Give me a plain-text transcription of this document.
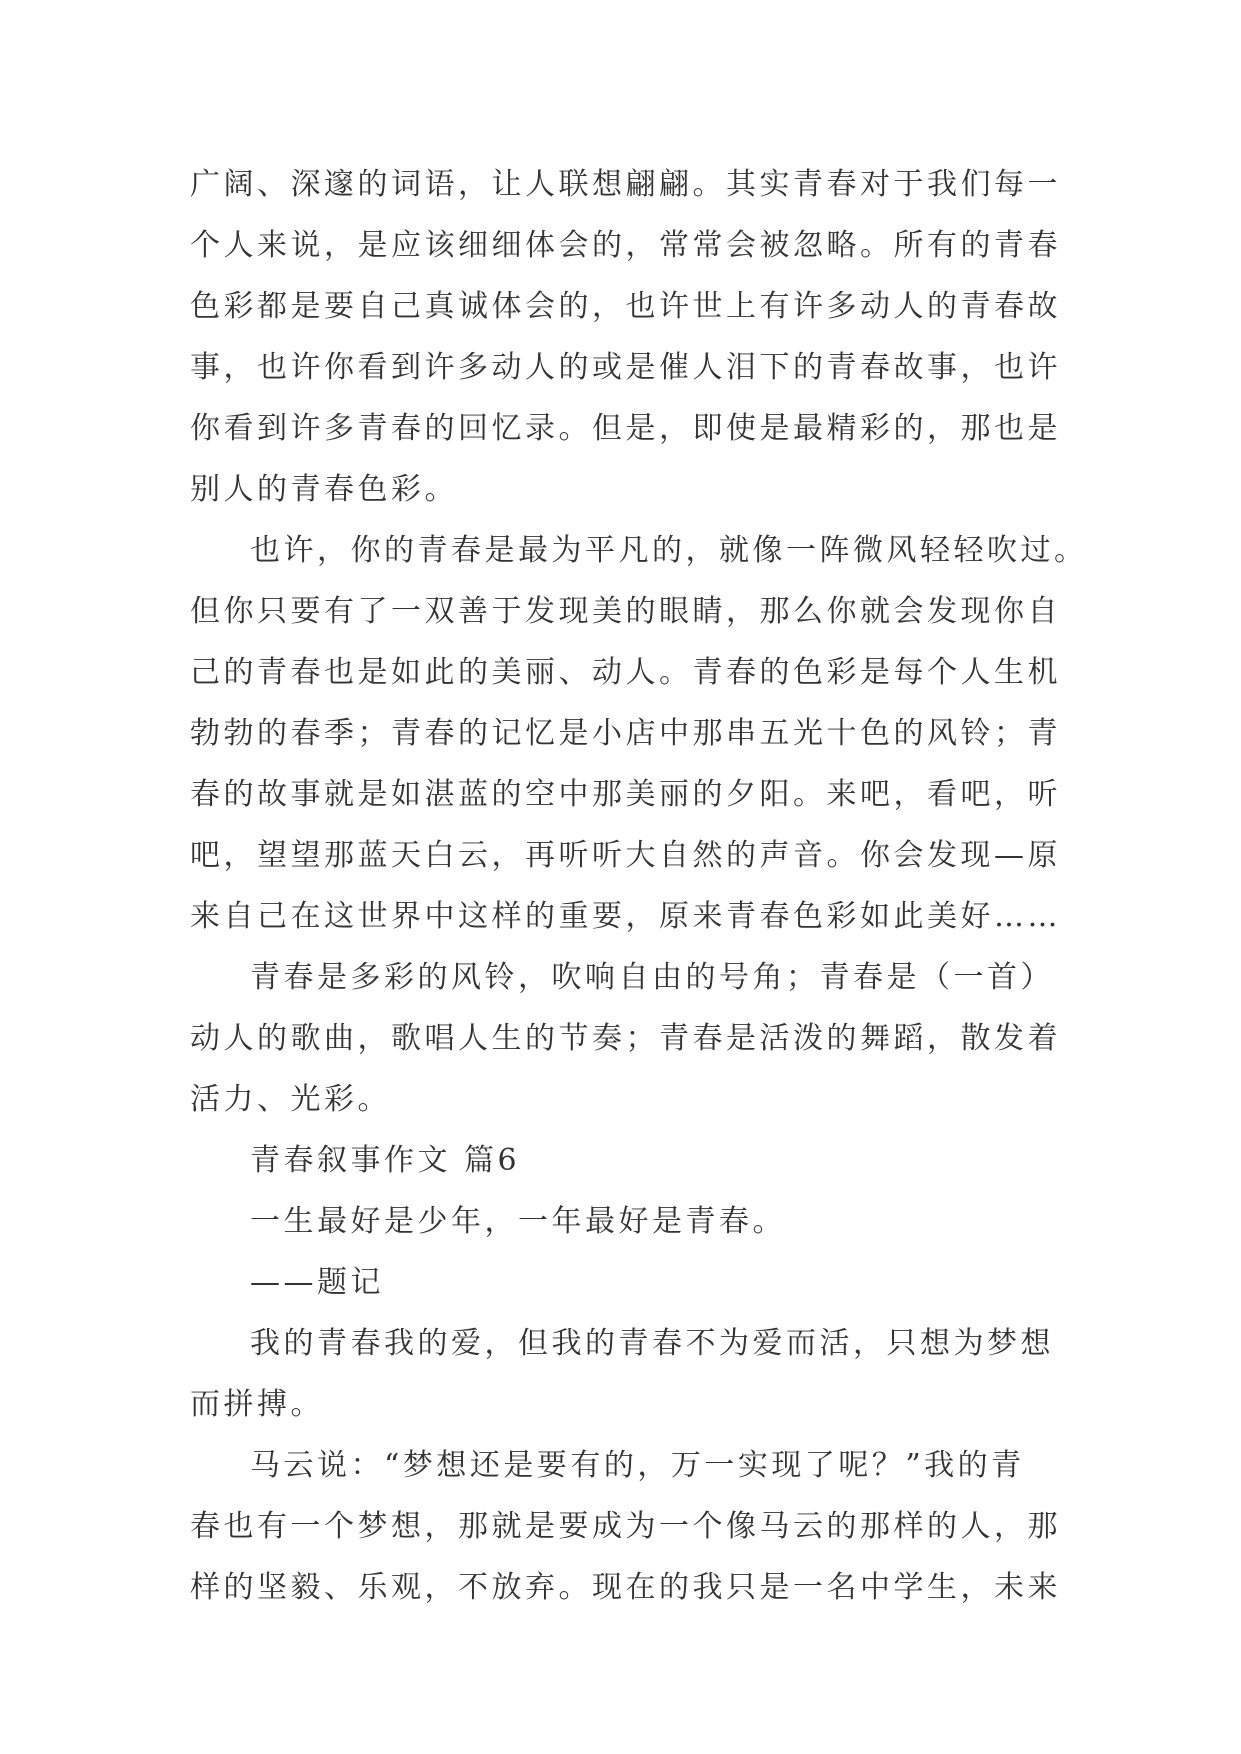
广阔、深邃的词语，让人联想翩翩。其实青春对于我们每一
个人来说，是应该细细体会的，常常会被忽略。所有的青春
色彩都是要自己真诚体会的，也许世上有许多动人的青春故
事，也许你看到许多动人的或是催人泪下的青春故事，也许
你看到许多青春的回忆录。但是，即使是最精彩的，那也是
别人的青春色彩。

也许，你的青春是最为平凡的，就像一阵微风轻轻吹过。
但你只要有了一双善于发现美的眼睛，那么你就会发现你自
己的青春也是如此的美丽、动人。青春的色彩是每个人生机
勃勃的春季；青春的记忆是小店中那串五光十色的风铃；青
春的故事就是如湛蓝的空中那美丽的夕阳。来吧，看吧，听
吧，望望那蓝天白云，再听听大自然的声音。你会发现—原
来自己在这世界中这样的重要，原来青春色彩如此美好……

青春是多彩的风铃，吹响自由的号角；青春是（一首）
动人的歌曲，歌唱人生的节奏；青春是活泼的舞蹈，散发着
活力、光彩。

青春叙事作文 篇6

一生最好是少年，一年最好是青春。

——题记

我的青春我的爱，但我的青春不为爱而活，只想为梦想
而拼搏。

马云说：“梦想还是要有的，万一实现了呢？”我的青
春也有一个梦想，那就是要成为一个像马云的那样的人，那
样的坚毅、乐观，不放弃。现在的我只是一名中学生，未来
